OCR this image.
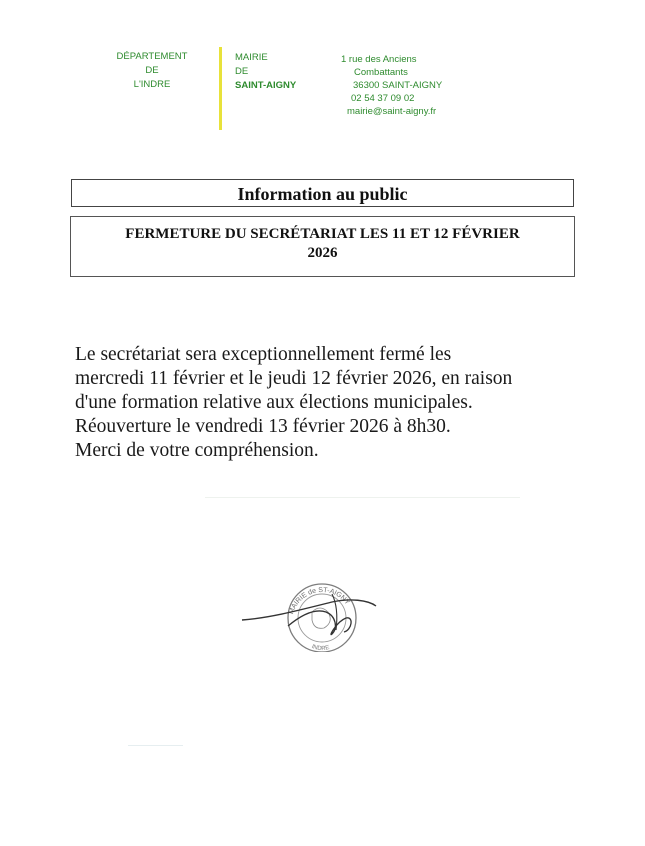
DÉPARTEMENT
DE
L'INDRE
MAIRIE
DE
SAINT-AIGNY
1 rue des Anciens
Combattants
36300 SAINT-AIGNY
02 54 37 09 02
mairie@saint-aigny.fr
Information au public
FERMETURE DU SECRÉTARIAT LES 11 ET 12 FÉVRIER
2026
Le secrétariat sera exceptionnellement fermé les
mercredi 11 février et le jeudi 12 février 2026, en raison
d'une formation relative aux élections municipales.
Réouverture le vendredi 13 février 2026 à 8h30.
Merci de votre compréhension.
MAIRIE de ST-AIGNY
INDRE
